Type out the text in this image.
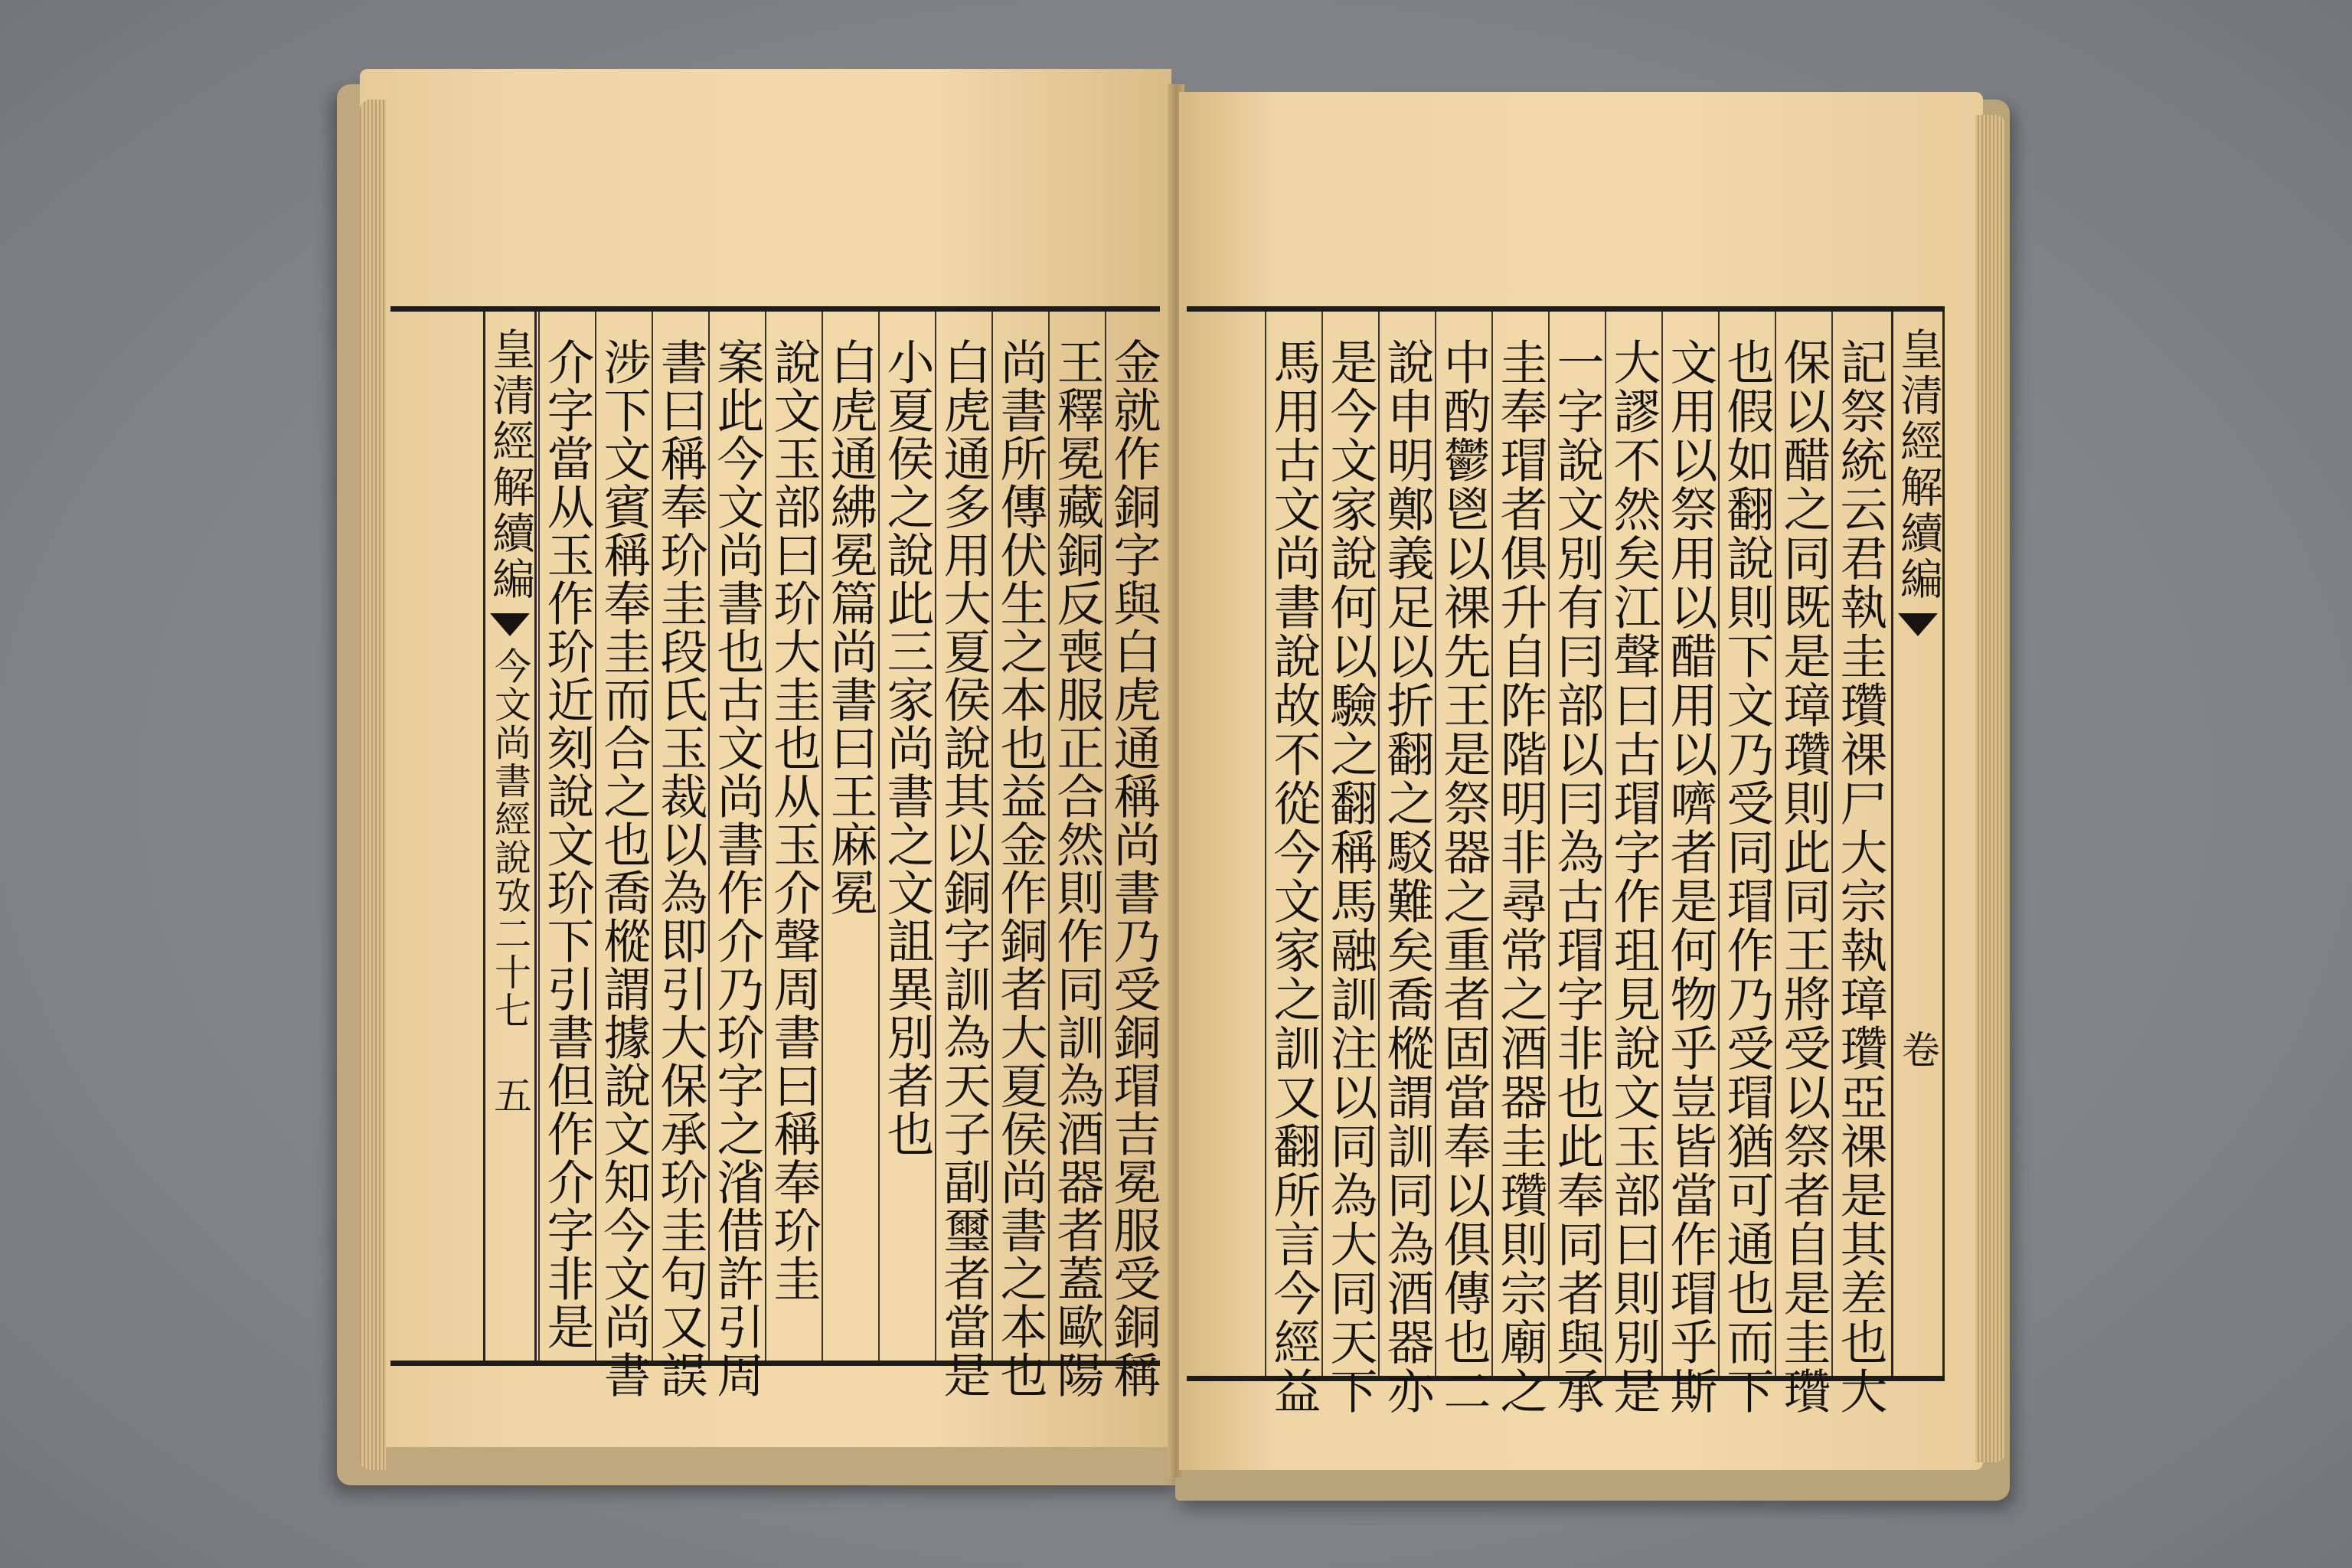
金就作銅字與白虎通稱尚書乃受銅瑁吉冕服受銅稱
王釋冕藏銅反喪服正合然則作同訓為酒器者蓋歐陽
尚書所傳伏生之本也益金作銅者大夏侯尚書之本也
白虎通多用大夏侯說其以銅字訓為天子副璽者當是
小夏侯之說此三家尚書之文詛異別者也
白虎通紼冕篇尚書曰王麻冕
說文玉部曰玠大圭也从玉介聲周書曰稱奉玠圭
案此今文尚書也古文尚書作介乃玠字之渻借許引周
書曰稱奉玠圭段氏玉裁以為即引大保承玠圭句又誤
涉下文賓稱奉圭而合之也喬樅謂據說文知今文尚書
介字當从玉作玠近刻說文玠下引書但作介字非是
皇清經解續編
今文尚書經說攷二十七
五
皇清經解續編
卷
記祭統云君執圭瓚祼尸大宗執璋瓚亞祼是其差也大
保以醋之同既是璋瓚則此同王將受以祭者自是圭瓚
也假如翻說則下文乃受同瑁作乃受瑁猶可通也而下
文用以祭用以醋用以嚌者是何物乎豈皆當作瑁乎斯
大謬不然矣江聲曰古瑁字作珇見說文玉部曰則別是
一字說文別有冃部以冃為古瑁字非也此奉同者與承
圭奉瑁者俱升自阼階明非尋常之酒器圭瓚則宗廟之
中酌鬱鬯以祼先王是祭器之重者固當奉以俱傳也二
說申明鄭義足以折翻之駁難矣喬樅謂訓同為酒器亦
是今文家說何以驗之翻稱馬融訓注以同為大同天下
馬用古文尚書說故不從今文家之訓又翻所言今經益
